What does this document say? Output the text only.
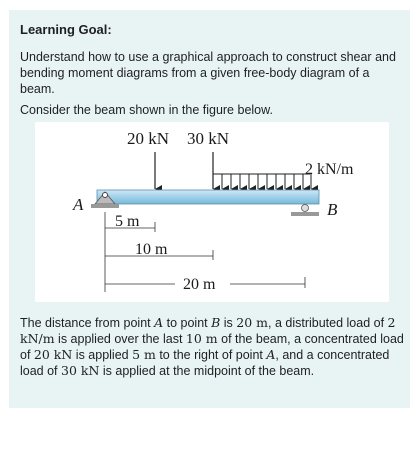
Learning Goal:
Understand how to use a graphical approach to construct shear and bending moment diagrams from a given free-body diagram of a beam.
Consider the beam shown in the figure below.
20 kN 30 kN
2 kN/m
A	B
5 m
10 m
20 m
The distance from point A to point B is 20 m, a distributed load of 2 kN/m is applied over the last 10 m of the beam, a concentrated load of 20 kN is applied 5 m to the right of point A, and a concentrated load of 30 kN is applied at the midpoint of the beam.
